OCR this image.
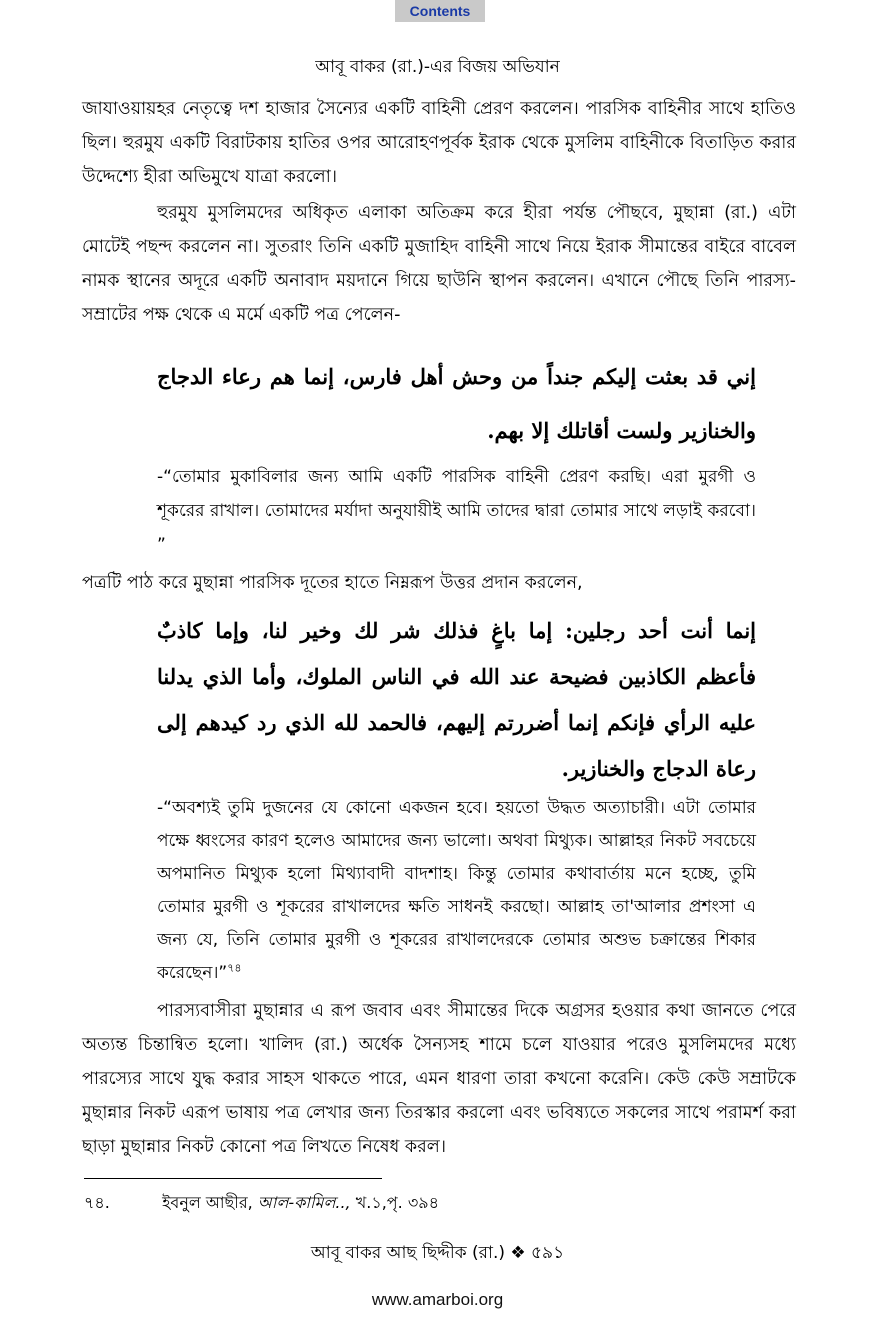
Contents
আবূ বাকর (রা.)-এর বিজয় অভিযান

জাযাওয়ায়হর নেতৃত্বে দশ হাজার সৈন্যের একটি বাহিনী প্রেরণ করলেন। পারসিক বাহিনীর সাথে হাতিও ছিল। হুরমুয একটি বিরাটকায় হাতির ওপর আরোহণপূর্বক ইরাক থেকে মুসলিম বাহিনীকে বিতাড়িত করার উদ্দেশ্যে হীরা অভিমুখে যাত্রা করলো।

হুরমুয মুসলিমদের অধিকৃত এলাকা অতিক্রম করে হীরা পর্যন্ত পৌছবে, মুছান্না (রা.) এটা মোটেই পছন্দ করলেন না। সুতরাং তিনি একটি মুজাহিদ বাহিনী সাথে নিয়ে ইরাক সীমান্তের বাইরে বাবেল নামক স্থানের অদূরে একটি অনাবাদ ময়দানে গিয়ে ছাউনি স্থাপন করলেন। এখানে পৌছে তিনি পারস্য-সম্রাটের পক্ষ থেকে এ মর্মে একটি পত্র পেলেন-

إني قد بعثت إليكم جنداً من وحش أهل فارس، إنما هم رعاء الدجاج والخنازير ولست أقاتلك إلا بهم.
-“তোমার মুকাবিলার জন্য আমি একটি পারসিক বাহিনী প্রেরণ করছি। এরা মুরগী ও শূকরের রাখাল। তোমাদের মর্যাদা অনুযায়ীই আমি তাদের দ্বারা তোমার সাথে লড়াই করবো। ”

পত্রটি পাঠ করে মুছান্না পারসিক দূতের হাতে নিম্নরূপ উত্তর প্রদান করলেন,

إنما أنت أحد رجلين: إما باغٍ فذلك شر لك وخير لنا، وإما كاذبٌ فأعظم الكاذبين فضيحة عند الله في الناس الملوك، وأما الذي يدلنا عليه الرأي فإنكم إنما أضررتم إليهم، فالحمد لله الذي رد كيدهم إلى رعاة الدجاج والخنازير.
-“অবশ্যই তুমি দুজনের যে কোনো একজন হবে। হয়তো উদ্ধত অত্যাচারী। এটা তোমার পক্ষে ধ্বংসের কারণ হলেও আমাদের জন্য ভালো। অথবা মিথ্যুক। আল্লাহর নিকট সবচেয়ে অপমানিত মিথ্যুক হলো মিথ্যাবাদী বাদশাহ। কিন্তু তোমার কথাবার্তায় মনে হচ্ছে, তুমি তোমার মুরগী ও শূকরের রাখালদের ক্ষতি সাধনই করছো। আল্লাহ তা'আলার প্রশংসা এ জন্য যে, তিনি তোমার মুরগী ও শূকরের রাখালদেরকে তোমার অশুভ চক্রান্তের শিকার করেছেন।”$^{৭৪}$

পারস্যবাসীরা মুছান্নার এ রূপ জবাব এবং সীমান্তের দিকে অগ্রসর হওয়ার কথা জানতে পেরে অত্যন্ত চিন্তান্বিত হলো। খালিদ (রা.) অর্ধেক সৈন্যসহ শামে চলে যাওয়ার পরেও মুসলিমদের মধ্যে পারস্যের সাথে যুদ্ধ করার সাহস থাকতে পারে, এমন ধারণা তারা কখনো করেনি। কেউ কেউ সম্রাটকে মুছান্নার নিকট এরূপ ভাষায় পত্র লেখার জন্য তিরস্কার করলো এবং ভবিষ্যতে সকলের সাথে পরামর্শ করা ছাড়া মুছান্নার নিকট কোনো পত্র লিখতে নিষেধ করল।

৭৪.	ইবনুল আছীর, আল-কামিল.., খ.১,পৃ. ৩৯৪
আবূ বাকর আছ ছিদ্দীক (রা.) ❖ ৫৯১
www.amarboi.org
